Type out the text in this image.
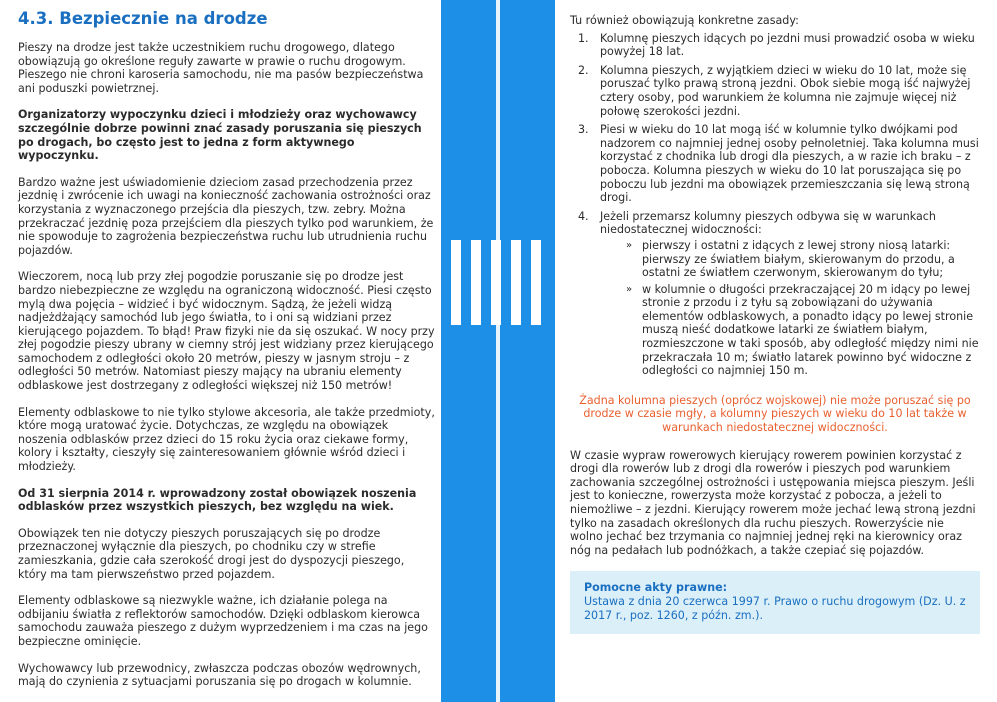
4.3. Bezpiecznie na drodze

Pieszy na drodze jest także uczestnikiem ruchu drogowego, dlatego obowiązują go określone reguły zawarte w prawie o ruchu drogowym. Pieszego nie chroni karoseria samochodu, nie ma pasów bezpieczeństwa ani poduszki powietrznej.

Organizatorzy wypoczynku dzieci i młodzieży oraz wychowawcy szczególnie dobrze powinni znać zasady poruszania się pieszych po drogach, bo często jest to jedna z form aktywnego wypoczynku.

Bardzo ważne jest uświadomienie dzieciom zasad przechodzenia przez jezdnię i zwrócenie ich uwagi na konieczność zachowania ostrożności oraz korzystania z wyznaczonego przejścia dla pieszych, tzw. zebry. Można przekraczać jezdnię poza przejściem dla pieszych tylko pod warunkiem, że nie spowoduje to zagrożenia bezpieczeństwa ruchu lub utrudnienia ruchu pojazdów.

Wieczorem, nocą lub przy złej pogodzie poruszanie się po drodze jest bardzo niebezpieczne ze względu na ograniczoną widoczność. Piesi często mylą dwa pojęcia – widzieć i być widocznym. Sądzą, że jeżeli widzą nadjeżdżający samochód lub jego światła, to i oni są widziani przez kierującego pojazdem. To błąd! Praw fizyki nie da się oszukać. W nocy przy złej pogodzie pieszy ubrany w ciemny strój jest widziany przez kierującego samochodem z odległości około 20 metrów, pieszy w jasnym stroju – z odległości 50 metrów. Natomiast pieszy mający na ubraniu elementy odblaskowe jest dostrzegany z odległości większej niż 150 metrów!

Elementy odblaskowe to nie tylko stylowe akcesoria, ale także przedmioty, które mogą uratować życie. Dotychczas, ze względu na obowiązek noszenia odblasków przez dzieci do 15 roku życia oraz ciekawe formy, kolory i kształty, cieszyły się zainteresowaniem głównie wśród dzieci i młodzieży.

Od 31 sierpnia 2014 r. wprowadzony został obowiązek noszenia odblasków przez wszystkich pieszych, bez względu na wiek.

Obowiązek ten nie dotyczy pieszych poruszających się po drodze przeznaczonej wyłącznie dla pieszych, po chodniku czy w strefie zamieszkania, gdzie cała szerokość drogi jest do dyspozycji pieszego, który ma tam pierwszeństwo przed pojazdem.

Elementy odblaskowe są niezwykle ważne, ich działanie polega na odbijaniu światła z reflektorów samochodów. Dzięki odblaskom kierowca samochodu zauważa pieszego z dużym wyprzedzeniem i ma czas na jego bezpieczne ominięcie.

Wychowawcy lub przewodnicy, zwłaszcza podczas obozów wędrownych, mają do czynienia z sytuacjami poruszania się po drogach w kolumnie.

Tu również obowiązują konkretne zasady:

1. Kolumnę pieszych idących po jezdni musi prowadzić osoba w wieku powyżej 18 lat.
2. Kolumna pieszych, z wyjątkiem dzieci w wieku do 10 lat, może się poruszać tylko prawą stroną jezdni. Obok siebie mogą iść najwyżej cztery osoby, pod warunkiem że kolumna nie zajmuje więcej niż połowę szerokości jezdni.
3. Piesi w wieku do 10 lat mogą iść w kolumnie tylko dwójkami pod nadzorem co najmniej jednej osoby pełnoletniej. Taka kolumna musi korzystać z chodnika lub drogi dla pieszych, a w razie ich braku – z pobocza. Kolumna pieszych w wieku do 10 lat poruszająca się po poboczu lub jezdni ma obowiązek przemieszczania się lewą stroną drogi.
4. Jeżeli przemarsz kolumny pieszych odbywa się w warunkach niedostatecznej widoczności:
» pierwszy i ostatni z idących z lewej strony niosą latarki: pierwszy ze światłem białym, skierowanym do przodu, a ostatni ze światłem czerwonym, skierowanym do tyłu;
» w kolumnie o długości przekraczającej 20 m idący po lewej stronie z przodu i z tyłu są zobowiązani do używania elementów odblaskowych, a ponadto idący po lewej stronie muszą nieść dodatkowe latarki ze światłem białym, rozmieszczone w taki sposób, aby odległość między nimi nie przekraczała 10 m; światło latarek powinno być widoczne z odległości co najmniej 150 m.

Żadna kolumna pieszych (oprócz wojskowej) nie może poruszać się po drodze w czasie mgły, a kolumny pieszych w wieku do 10 lat także w warunkach niedostatecznej widoczności.

W czasie wypraw rowerowych kierujący rowerem powinien korzystać z drogi dla rowerów lub z drogi dla rowerów i pieszych pod warunkiem zachowania szczególnej ostrożności i ustępowania miejsca pieszym. Jeśli jest to konieczne, rowerzysta może korzystać z pobocza, a jeżeli to niemożliwe – z jezdni. Kierujący rowerem może jechać lewą stroną jezdni tylko na zasadach określonych dla ruchu pieszych. Rowerzyście nie wolno jechać bez trzymania co najmniej jednej ręki na kierownicy oraz nóg na pedałach lub podnóżkach, a także czepiać się pojazdów.

Pomocne akty prawne:

Ustawa z dnia 20 czerwca 1997 r. Prawo o ruchu drogowym (Dz. U. z 2017 r., poz. 1260, z późn. zm.).
